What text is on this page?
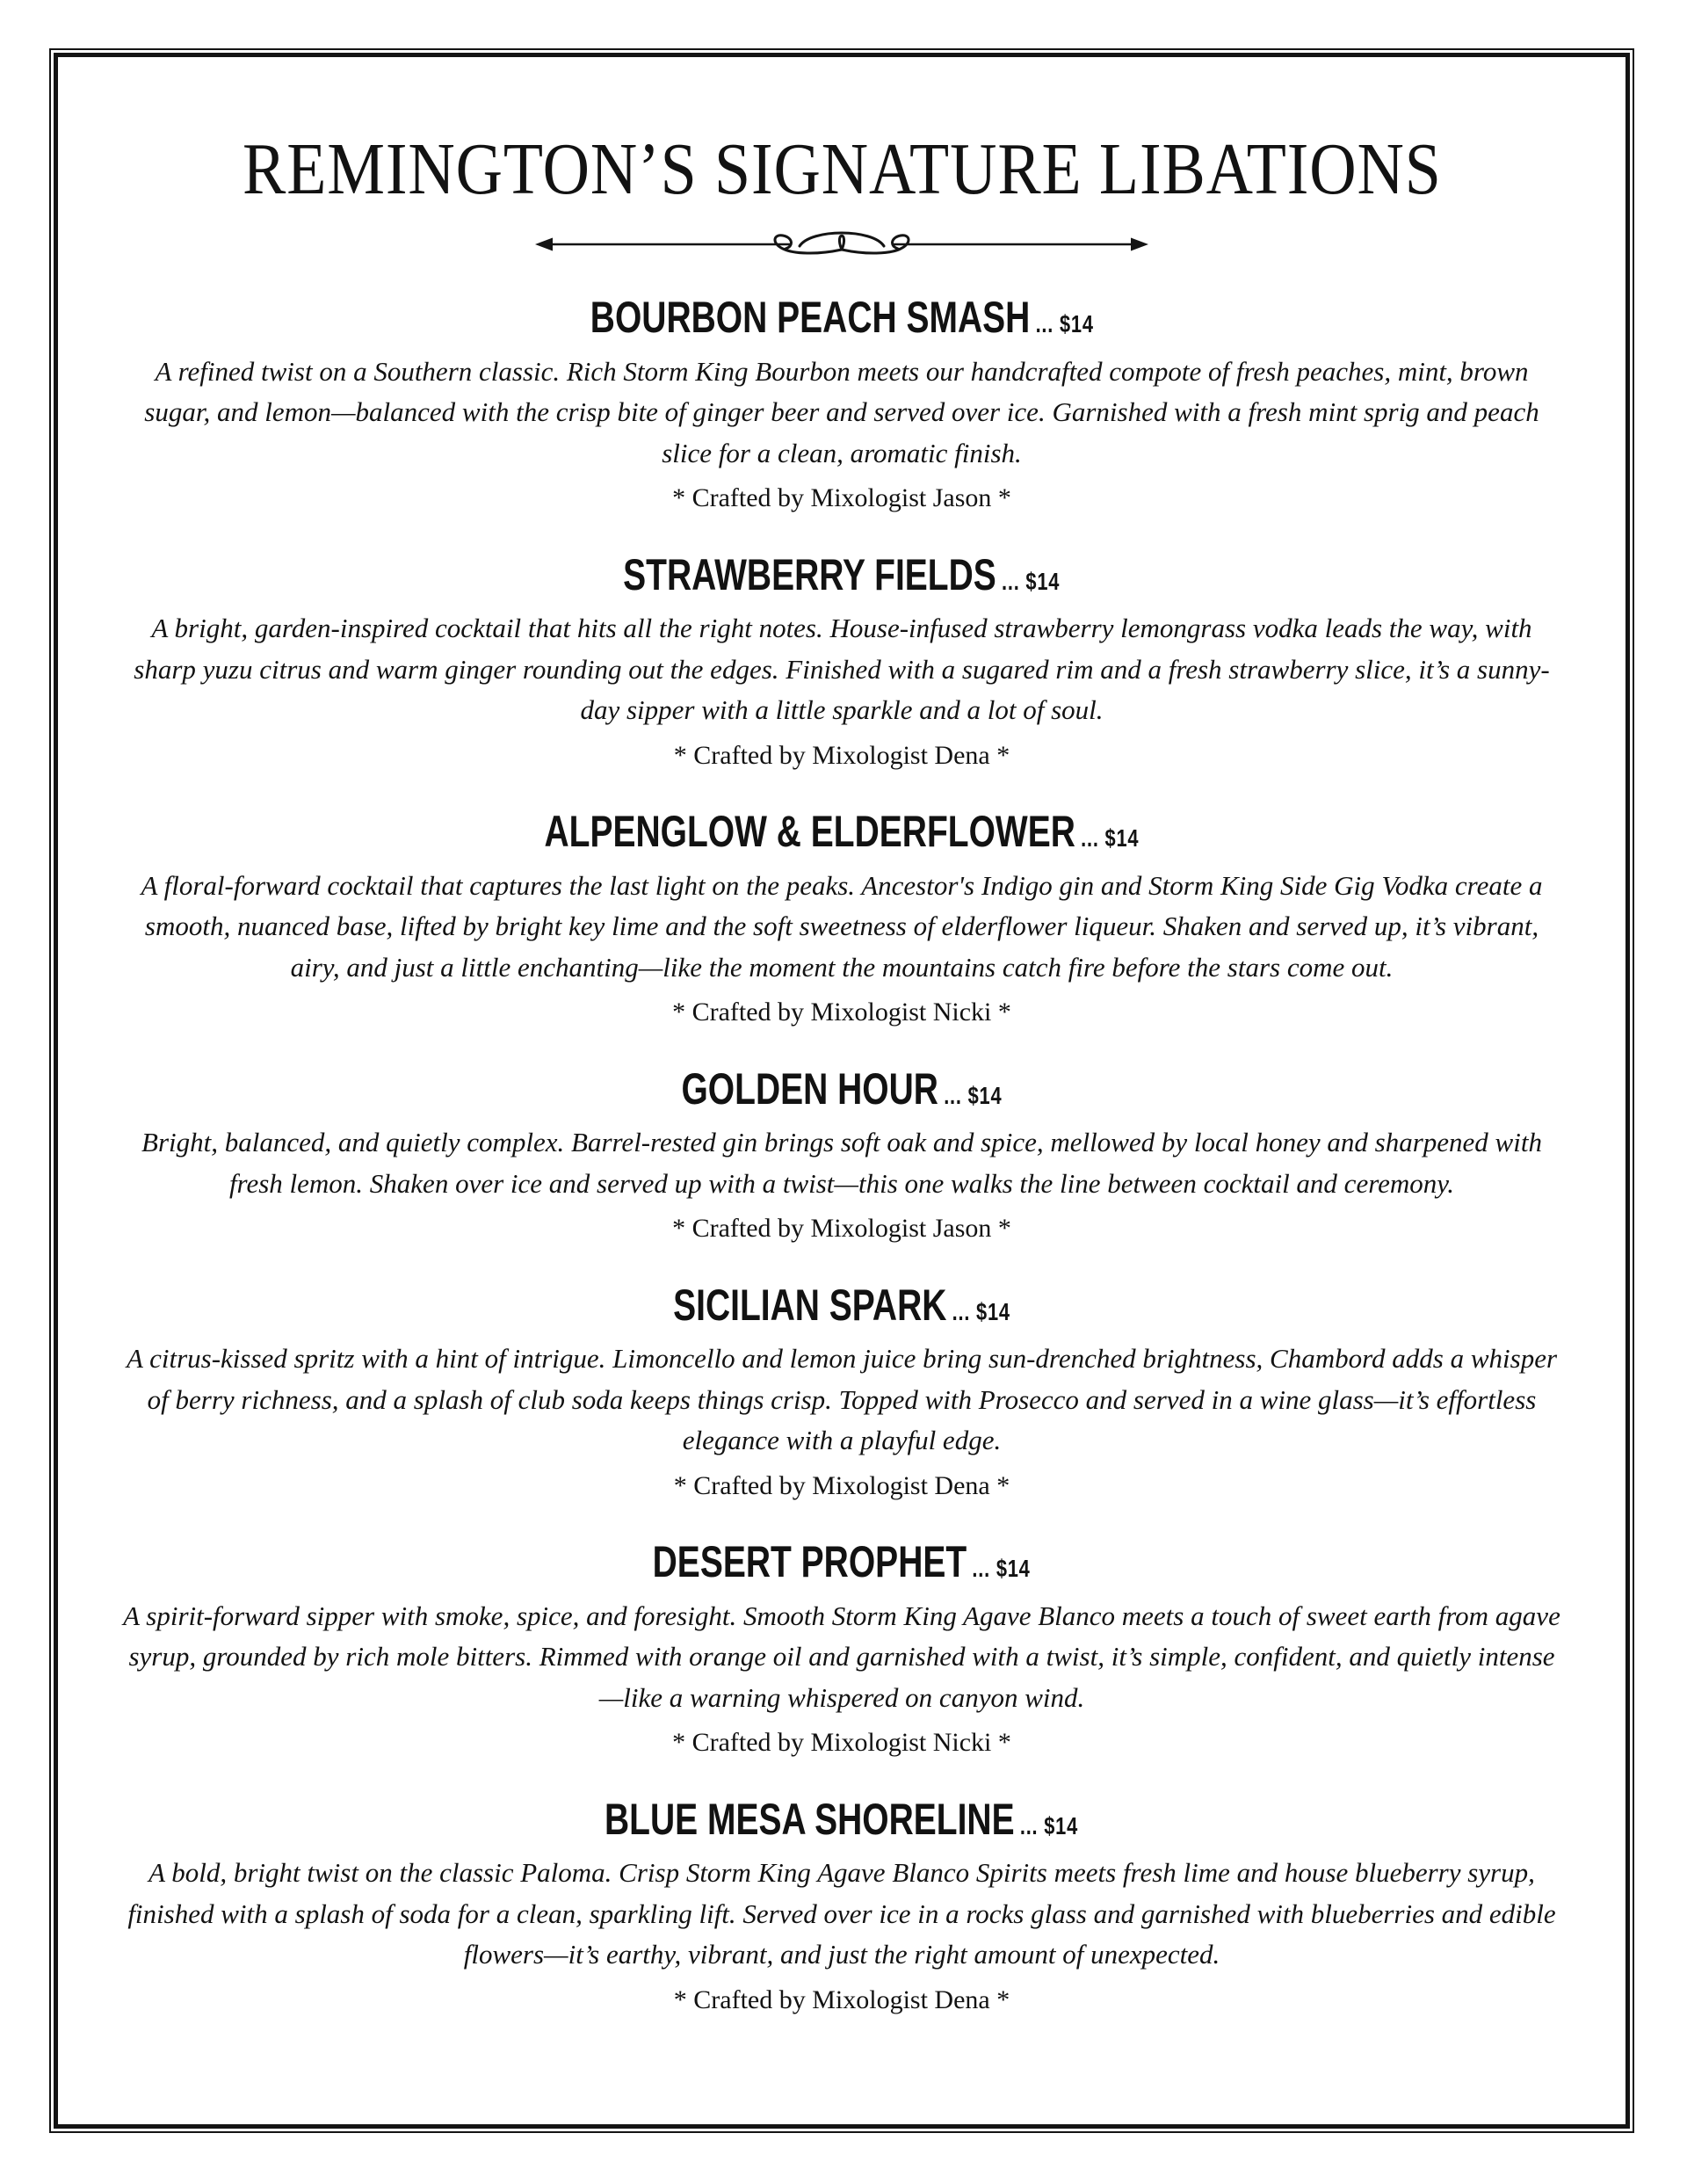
REMINGTON’S SIGNATURE LIBATIONS
BOURBON PEACH SMASH ... $14

A refined twist on a Southern classic. Rich Storm King Bourbon meets our handcrafted compote of fresh peaches, mint, brown sugar, and lemon—balanced with the crisp bite of ginger beer and served over ice. Garnished with a fresh mint sprig and peach slice for a clean, aromatic finish.

* Crafted by Mixologist Jason *

STRAWBERRY FIELDS ... $14

A bright, garden-inspired cocktail that hits all the right notes. House-infused strawberry lemongrass vodka leads the way, with sharp yuzu citrus and warm ginger rounding out the edges. Finished with a sugared rim and a fresh strawberry slice, it’s a sunny-day sipper with a little sparkle and a lot of soul.

* Crafted by Mixologist Dena *

ALPENGLOW & ELDERFLOWER ... $14

A floral-forward cocktail that captures the last light on the peaks. Ancestor's Indigo gin and Storm King Side Gig Vodka create a smooth, nuanced base, lifted by bright key lime and the soft sweetness of elderflower liqueur. Shaken and served up, it’s vibrant, airy, and just a little enchanting—like the moment the mountains catch fire before the stars come out.

* Crafted by Mixologist Nicki *

GOLDEN HOUR ... $14

Bright, balanced, and quietly complex. Barrel-rested gin brings soft oak and spice, mellowed by local honey and sharpened with fresh lemon. Shaken over ice and served up with a twist—this one walks the line between cocktail and ceremony.

* Crafted by Mixologist Jason *

SICILIAN SPARK ... $14

A citrus-kissed spritz with a hint of intrigue. Limoncello and lemon juice bring sun-drenched brightness, Chambord adds a whisper of berry richness, and a splash of club soda keeps things crisp. Topped with Prosecco and served in a wine glass—it’s effortless elegance with a playful edge.

* Crafted by Mixologist Dena *

DESERT PROPHET ... $14

A spirit-forward sipper with smoke, spice, and foresight. Smooth Storm King Agave Blanco meets a touch of sweet earth from agave syrup, grounded by rich mole bitters. Rimmed with orange oil and garnished with a twist, it’s simple, confident, and quietly intense—like a warning whispered on canyon wind.

* Crafted by Mixologist Nicki *

BLUE MESA SHORELINE ... $14

A bold, bright twist on the classic Paloma. Crisp Storm King Agave Blanco Spirits meets fresh lime and house blueberry syrup, finished with a splash of soda for a clean, sparkling lift. Served over ice in a rocks glass and garnished with blueberries and edible flowers—it’s earthy, vibrant, and just the right amount of unexpected.

* Crafted by Mixologist Dena *
